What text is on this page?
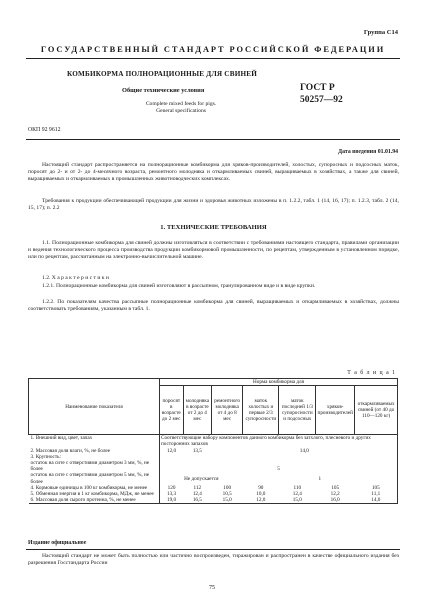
Группа С14
ГОСУДАРСТВЕННЫЙ СТАНДАРТ РОССИЙСКОЙ ФЕДЕРАЦИИ
КОМБИКОРМА ПОЛНОРАЦИОННЫЕ ДЛЯ СВИНЕЙ
Общие технические условия
Complete mixed feeds for pigs.
General specifications
ГОСТ Р
50257—92
ОКП 92 9612
Дата введения 01.01.94
Настоящий стандарт распространяется на полнорационные комбикорма для хряков-производителей, холостых, супоросных и подсосных маток, поросят до 2- и от 2- до 4-месячного возраста, ремонтного молодняка и откармливаемых свиней, выращиваемых в хозяйствах, а также для свиней, выращиваемых и откармливаемых в промышленных животноводческих комплексах.
Требования к продукции обеспечивающей продукции для жизни и здоровья животных изложены в п. 1.2.2, табл. 1 (14, 16, 17); п. 1.2.3, табл. 2 (14, 15, 17); п. 2.2
1. ТЕХНИЧЕСКИЕ ТРЕБОВАНИЯ
1.1. Полнорационные комбикорма для свиней должны изготовляться в соответствии с требованиями настоящего стандарта, правилами организации и ведения технологического процесса производства продукции комбикормовой промышленности, по рецептам, утвержденным в установленном порядке, или по рецептам, рассчитанным на электронно-вычислительной машине.
1.2. Х а р а к т е р и с т и к и
1.2.1. Полнорационные комбикорма для свиней изготовляют в рассыпном, гранулированном виде и в виде крупки.
1.2.2. По показателям качества рассыпные полнорационные комбикорма для свиней, выращиваемых и откармливаемых в хозяйствах, должны соответствовать требованиям, указанным в табл. 1.
Т а б л и ц а 1
Наименование показателя	Норма комбикорма для						
	поросят в возрасте до 2 мес	молодняка в возрасте от 2 до 4 мес	ремонтного молодняка от 4 до 8 мес	маток холостых и первые 2/3 супоросности	маток последней 1/3 супоросности и подсосных	хряков-производителей	откармливаемых свиней (от 40 до 110—120 кг)
1. Внешний вид, цвет, запах	Соответствующие набору компонентов данного комбикорма без затхлого, плесневого и других посторонних запахов						
2. Массовая доля влаги, %, не более	12,0	13,5	14,0				
3. Крупность:							
остаток на сите с отверстиями диаметром 3 мм, %, не более	5						
остаток на сите с отверстиями диаметром 5 мм, %, не более	Не допускается			1			
4. Кормовые единицы в 100 кг комбикорма, не менее	120	112	100	90	110	105	105
5. Обменная энергия в 1 кг комбикорма, МДж, не менее	13,3	12,4	10,5	10,0	12,4	12,2	11,1
6. Массовая доля сырого протеина, %, не менее	19,0	16,5	15,0	12,0	15,0	16,0	14,0
Издание официальное
Настоящий стандарт не может быть полностью или частично воспроизведен, тиражирован и распространен в качестве официального издания без разрешения Госстандарта России
75
